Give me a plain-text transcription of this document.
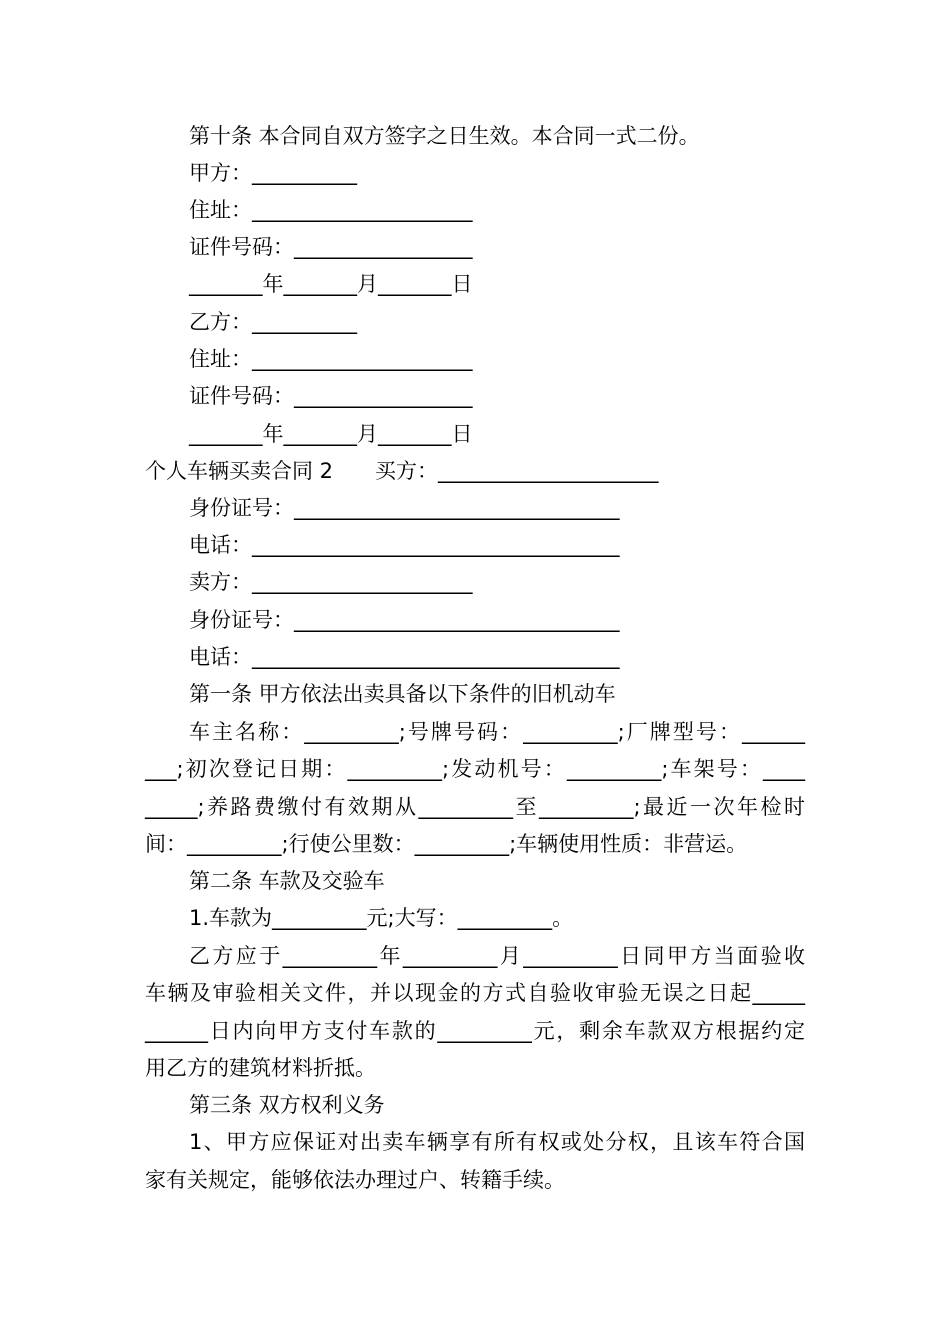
第十条 本合同自双方签字之日生效。本合同一式二份。
甲方：__________
住址：_____________________
证件号码：_________________
_______年_______月_______日
乙方：__________
住址：_____________________
证件号码：_________________
_______年_______月_______日
个人车辆买卖合同 2　　买方：_____________________
身份证号：_______________________________
电话：___________________________________
卖方：_____________________
身份证号：_______________________________
电话：___________________________________
第一条 甲方依法出卖具备以下条件的旧机动车
车主名称：_________;号牌号码：_________;厂牌型号：______
___;初次登记日期：_________;发动机号：_________;车架号：____
_____;养路费缴付有效期从_________至_________;最近一次年检时
间：_________;行使公里数：_________;车辆使用性质：非营运。
第二条 车款及交验车
1.车款为_________元;大写：_________。
乙方应于_________年_________月_________日同甲方当面验收
车辆及审验相关文件，并以现金的方式自验收审验无误之日起_____
______日内向甲方支付车款的_________元，剩余车款双方根据约定
用乙方的建筑材料折抵。
第三条 双方权利义务
1、甲方应保证对出卖车辆享有所有权或处分权，且该车符合国
家有关规定，能够依法办理过户、转籍手续。
